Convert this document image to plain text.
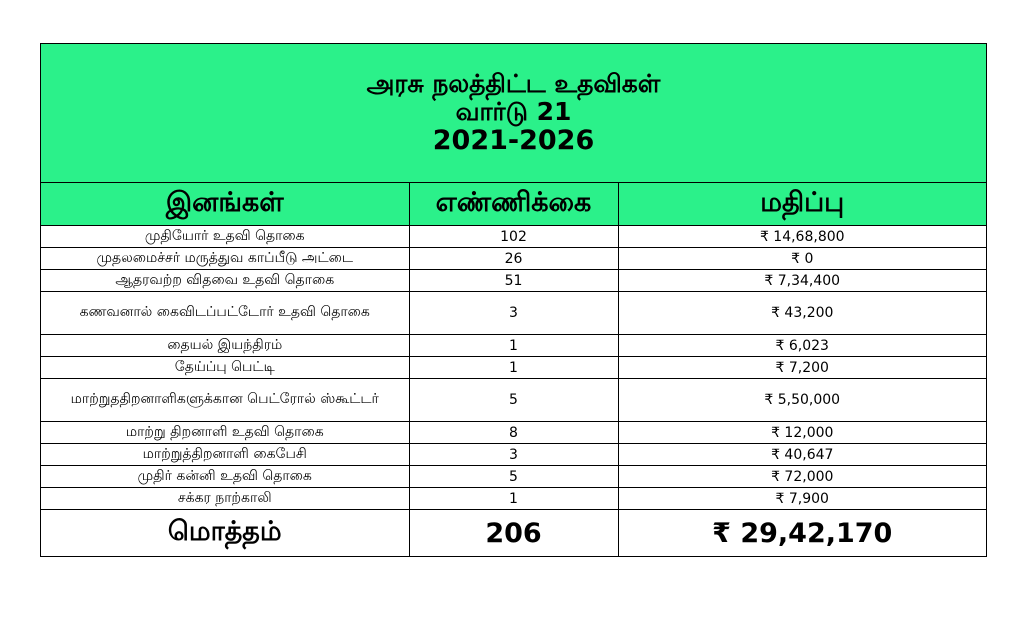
அரசு நலத்திட்ட உதவிகள்
வார்டு 21
2021-2026
இனங்கள்	எண்ணிக்கை	மதிப்பு
முதியோர் உதவி தொகை	102	₹ 14,68,800
முதலமைச்சர் மருத்துவ காப்பீடு அட்டை	26	₹ 0
ஆதரவற்ற விதவை உதவி தொகை	51	₹ 7,34,400
கணவனால் கைவிடப்பட்டோர் உதவி தொகை	3	₹ 43,200
தையல் இயந்திரம்	1	₹ 6,023
தேய்ப்பு பெட்டி	1	₹ 7,200
மாற்றுததிறனாளிகளுக்கான பெட்ரோல் ஸ்கூட்டர்	5	₹ 5,50,000
மாற்று திறனாளி உதவி தொகை	8	₹ 12,000
மாற்றுத்திறனாளி கைபேசி	3	₹ 40,647
முதிர் கன்னி உதவி தொகை	5	₹ 72,000
சக்கர நாற்காலி	1	₹ 7,900
மொத்தம்	206	₹ 29,42,170
